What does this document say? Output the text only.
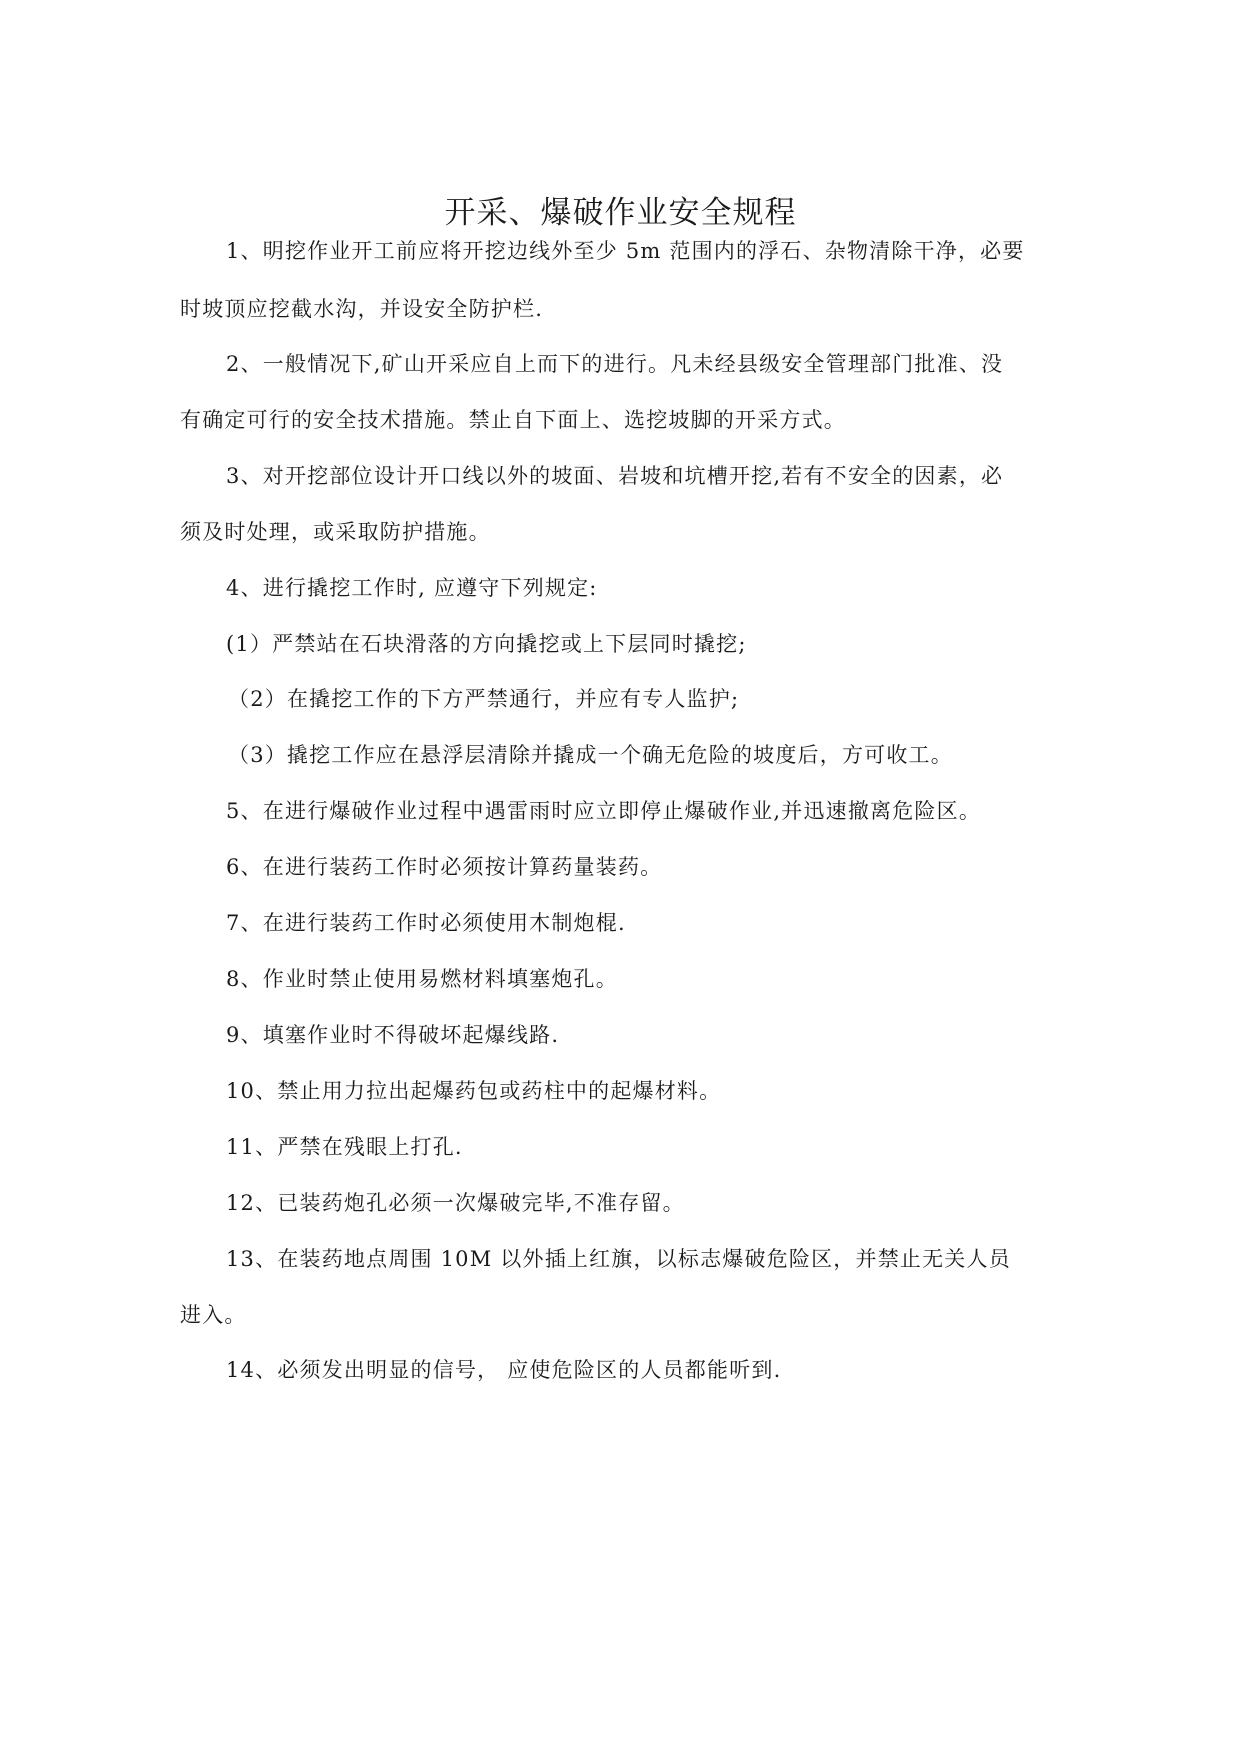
开采、爆破作业安全规程
1、明挖作业开工前应将开挖边线外至少 5m 范围内的浮石、杂物清除干净，必要
时坡顶应挖截水沟，并设安全防护栏.
2、一般情况下,矿山开采应自上而下的进行。凡未经县级安全管理部门批准、没
有确定可行的安全技术措施。禁止自下面上、选挖坡脚的开采方式。
3、对开挖部位设计开口线以外的坡面、岩坡和坑槽开挖,若有不安全的因素，必
须及时处理，或采取防护措施。
4、进行撬挖工作时, 应遵守下列规定:
(1）严禁站在石块滑落的方向撬挖或上下层同时撬挖;
（2）在撬挖工作的下方严禁通行，并应有专人监护;
（3）撬挖工作应在悬浮层清除并撬成一个确无危险的坡度后，方可收工。
5、在进行爆破作业过程中遇雷雨时应立即停止爆破作业,并迅速撤离危险区。
6、在进行装药工作时必须按计算药量装药。
7、在进行装药工作时必须使用木制炮棍.
8、作业时禁止使用易燃材料填塞炮孔。
9、填塞作业时不得破坏起爆线路.
10、禁止用力拉出起爆药包或药柱中的起爆材料。
11、严禁在残眼上打孔.
12、已装药炮孔必须一次爆破完毕,不准存留。
13、在装药地点周围 10M 以外插上红旗，以标志爆破危险区，并禁止无关人员
进入。
14、必须发出明显的信号， 应使危险区的人员都能听到.
